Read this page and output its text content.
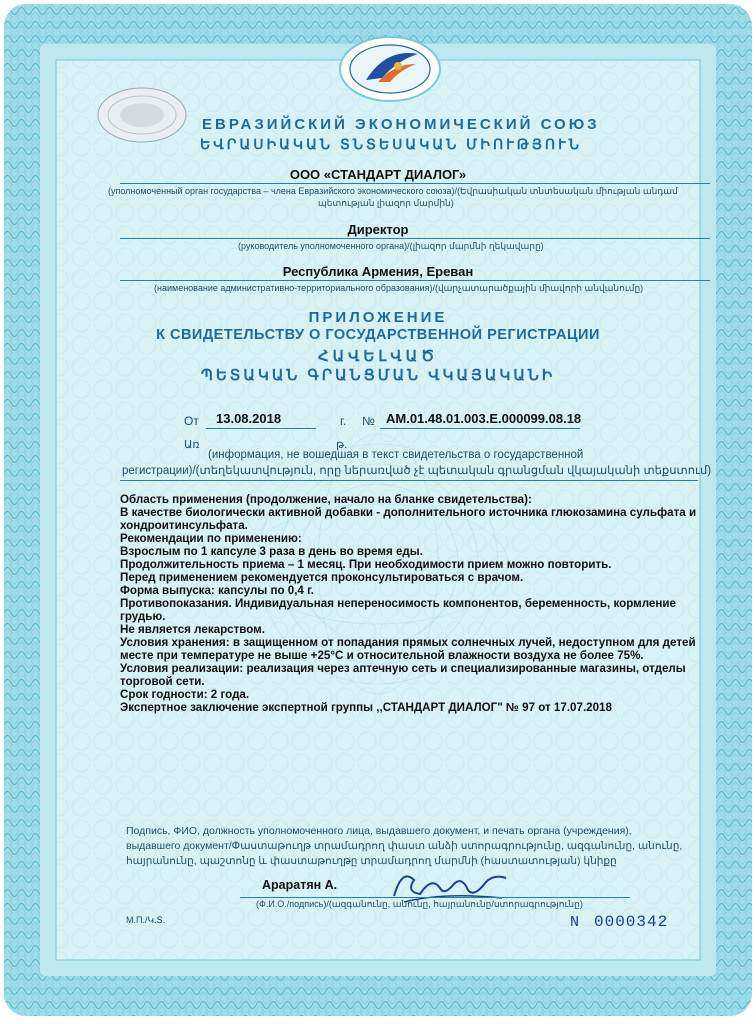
ЕВРАЗИЙСКИЙ ЭКОНОМИЧЕСКИЙ СОЮЗ
ԵՎՐԱՍԻԱԿԱՆ ՏՆՏԵՍԱԿԱՆ ՄԻՈՒԹՅՈՒՆ
ООО «СТАНДАРТ ДИАЛОГ»
(уполномоченный орган государства – члена Евразийского экономического союза)/(Եվրասիական տնտեսական միության անդամ
պետության լիազոր մարմին)
Директор
(руководитель уполномоченного органа)/(լիազոր մարմնի ղեկավարը)
Республика Армения, Ереван
(наименование административно-территориального образования)/(վարչատարածքային միավորի անվանումը)
ПРИЛОЖЕНИЕ
К СВИДЕТЕЛЬСТВУ О ГОСУДАРСТВЕННОЙ РЕГИСТРАЦИИ
ՀԱՎԵԼՎԱԾ
ՊԵՏԱԿԱՆ ԳՐԱՆՑՄԱՆ ՎԿԱՅԱԿԱՆԻ
От 13.08.2018	г. № AM.01.48.01.003.E.000099.08.18
Առ	թ.
(информация, не вошедшая в текст свидетельства о государственной
регистрации)/(տեղեկատվություն, որը ներառված չէ պետական գրանցման վկայականի տեքստում)
Область применения (продолжение, начало на бланке свидетельства):
В качестве биологически активной добавки - дополнительного источника глюкозамина сульфата и
хондроитинсульфата.
Рекомендации по применению:
Взрослым по 1 капсуле 3 раза в день во время еды.
Продолжительность приема – 1 месяц. При необходимости прием можно повторить.
Перед применением рекомендуется проконсультироваться с врачом.
Форма выпуска: капсулы по 0,4 г.
Противопоказания. Индивидуальная непереносимость компонентов, беременность, кормление
грудью.
Не является лекарством.
Условия хранения: в защищенном от попадания прямых солнечных лучей, недоступном для детей
месте при температуре не выше +25°С и относительной влажности воздуха не более 75%.
Условия реализации: реализация через аптечную сеть и специализированные магазины, отделы
торговой сети.
Срок годности: 2 года.
Экспертное заключение экспертной группы ,,СТАНДАРТ ДИАЛОГ" № 97 от 17.07.2018
Подпись, ФИО, должность уполномоченного лица, выдавшего документ, и печать органа (учреждения),
выдавшего документ/Փաստաթուղթ տրամադրող փաստ անձի ստորագրությունը, ազգանունը, անունը,
հայրանունը, պաշտոնը և փաստաթուղթը տրամադրող մարմնի (հաստատության) կնիքը
Араратян А.
(Ф.И.О./подпись)/(ազգանունը, անունը, հայրանունը/ստորագրությունը)
М.П./Կ.Տ.	N 0000342
